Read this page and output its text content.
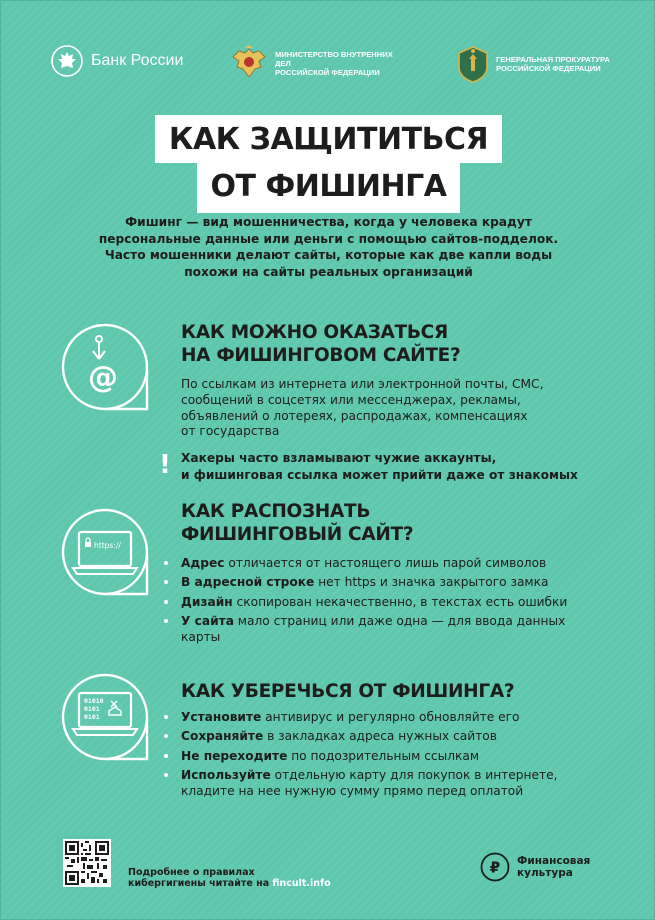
Банк России	МИНИСТЕРСТВО ВНУТРЕННИХ ДЕЛ
РОССИЙСКОЙ ФЕДЕРАЦИИ
ГЕНЕРАЛЬНАЯ ПРОКУРАТУРА
РОССИЙСКОЙ ФЕДЕРАЦИИ
КАК ЗАЩИТИТЬСЯ
ОТ ФИШИНГА
Фишинг — вид мошенничества, когда у человека крадут
персональные данные или деньги с помощью сайтов-подделок.
Часто мошенники делают сайты, которые как две капли воды
похожи на сайты реальных организаций
@
КАК МОЖНО ОКАЗАТЬСЯ
НА ФИШИНГОВОМ САЙТЕ?
По ссылкам из интернета или электронной почты, СМС,
сообщений в соцсетях или мессенджерах, рекламы,
объявлений о лотереях, распродажах, компенсациях
от государства
! Хакеры часто взламывают чужие аккаунты,
и фишинговая ссылка может прийти даже от знакомых
https://
КАК РАСПОЗНАТЬ
ФИШИНГОВЫЙ САЙТ?
Адрес отличается от настоящего лишь парой символов
В адресной строке нет https и значка закрытого замка
Дизайн скопирован некачественно, в текстах есть ошибки
У сайта мало страниц или даже одна — для ввода данных
карты
01010
0101
0101
КАК УБЕРЕЧЬСЯ ОТ ФИШИНГА?
Установите антивирус и регулярно обновляйте его
Сохраняйте в закладках адреса нужных сайтов
Не переходите по подозрительным ссылкам
Используйте отдельную карту для покупок в интернете,
кладите на нее нужную сумму прямо перед оплатой
Подробнее о правилах
кибергигиены читайте на fincult.info
₽ Финансовая
культура
